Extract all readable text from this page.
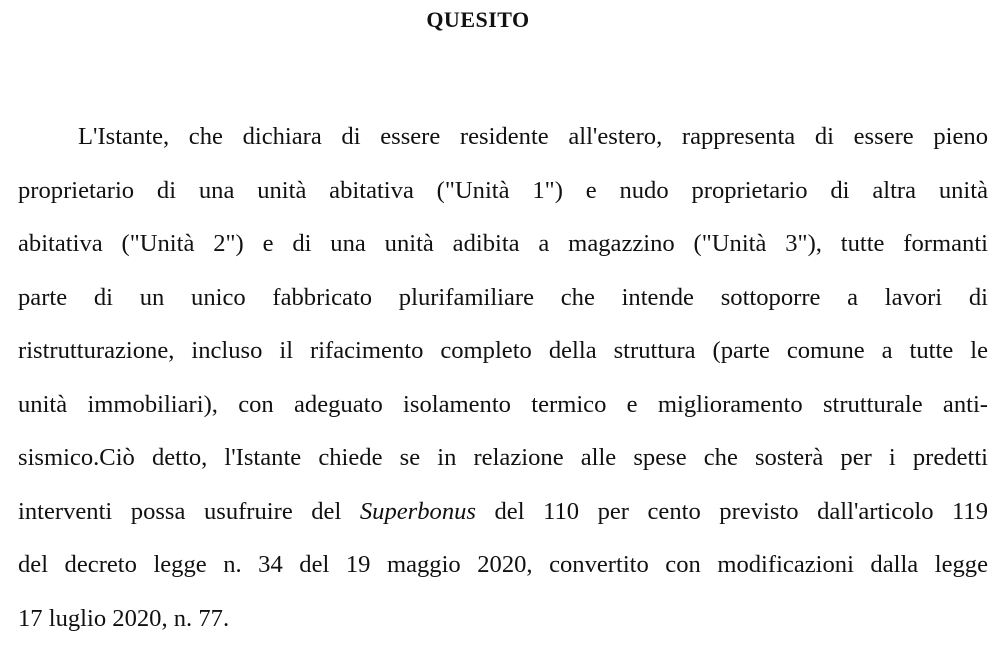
QUESITO
L'Istante, che dichiara di essere residente all'estero, rappresenta di essere pieno
proprietario di una unità abitativa ("Unità 1") e nudo proprietario di altra unità
abitativa ("Unità 2") e di una unità adibita a magazzino ("Unità 3"), tutte formanti
parte di un unico fabbricato plurifamiliare che intende sottoporre a lavori di
ristrutturazione, incluso il rifacimento completo della struttura (parte comune a tutte le
unità immobiliari), con adeguato isolamento termico e miglioramento strutturale anti-
sismico.Ciò detto, l'Istante chiede se in relazione alle spese che sosterà per i predetti
interventi possa usufruire del Superbonus del 110 per cento previsto dall'articolo 119
del decreto legge n. 34 del 19 maggio 2020, convertito con modificazioni dalla legge
17 luglio 2020, n. 77.
